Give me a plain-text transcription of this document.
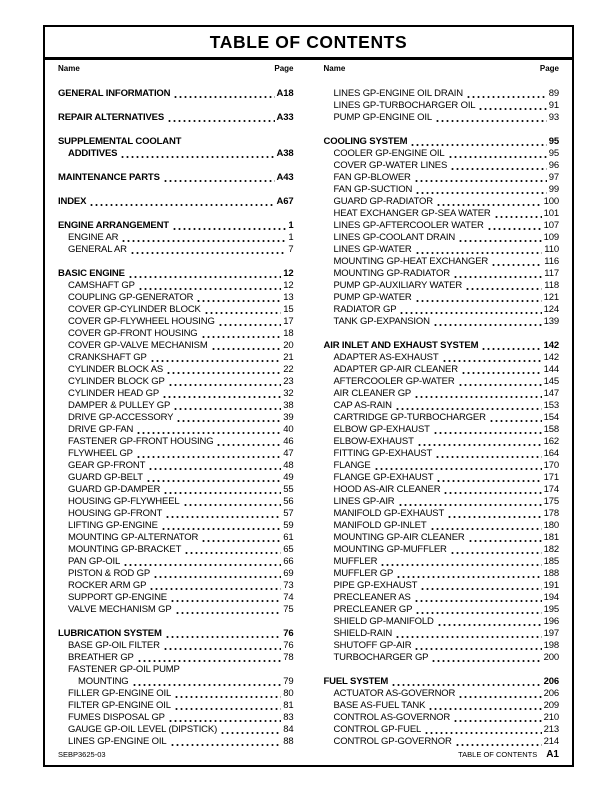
TABLE OF CONTENTS
Name	Page
GENERAL INFORMATION	A18
REPAIR ALTERNATIVES	A33
SUPPLEMENTAL COOLANT
ADDITIVES	A38
MAINTENANCE PARTS	A43
INDEX	A67
ENGINE ARRANGEMENT	1
ENGINE AR	1
GENERAL AR	7
BASIC ENGINE	12
CAMSHAFT GP	12
COUPLING GP-GENERATOR	13
COVER GP-CYLINDER BLOCK	15
COVER GP-FLYWHEEL HOUSING	17
COVER GP-FRONT HOUSING	18
COVER GP-VALVE MECHANISM	20
CRANKSHAFT GP	21
CYLINDER BLOCK AS	22
CYLINDER BLOCK GP	23
CYLINDER HEAD GP	32
DAMPER & PULLEY GP	38
DRIVE GP-ACCESSORY	39
DRIVE GP-FAN	40
FASTENER GP-FRONT HOUSING	46
FLYWHEEL GP	47
GEAR GP-FRONT	48
GUARD GP-BELT	49
GUARD GP-DAMPER	55
HOUSING GP-FLYWHEEL	56
HOUSING GP-FRONT	57
LIFTING GP-ENGINE	59
MOUNTING GP-ALTERNATOR	61
MOUNTING GP-BRACKET	65
PAN GP-OIL	66
PISTON & ROD GP	69
ROCKER ARM GP	73
SUPPORT GP-ENGINE	74
VALVE MECHANISM GP	75
LUBRICATION SYSTEM	76
BASE GP-OIL FILTER	76
BREATHER GP	78
FASTENER GP-OIL PUMP
MOUNTING	79
FILLER GP-ENGINE OIL	80
FILTER GP-ENGINE OIL	81
FUMES DISPOSAL GP	83
GAUGE GP-OIL LEVEL (DIPSTICK)	84
LINES GP-ENGINE OIL	88
Name	Page
LINES GP-ENGINE OIL DRAIN	89
LINES GP-TURBOCHARGER OIL	91
PUMP GP-ENGINE OIL	93
COOLING SYSTEM	95
COOLER GP-ENGINE OIL	95
COVER GP-WATER LINES	96
FAN GP-BLOWER	97
FAN GP-SUCTION	99
GUARD GP-RADIATOR	100
HEAT EXCHANGER GP-SEA WATER	101
LINES GP-AFTERCOOLER WATER	107
LINES GP-COOLANT DRAIN	109
LINES GP-WATER	110
MOUNTING GP-HEAT EXCHANGER	116
MOUNTING GP-RADIATOR	117
PUMP GP-AUXILIARY WATER	118
PUMP GP-WATER	121
RADIATOR GP	124
TANK GP-EXPANSION	139
AIR INLET AND EXHAUST SYSTEM	142
ADAPTER AS-EXHAUST	142
ADAPTER GP-AIR CLEANER	144
AFTERCOOLER GP-WATER	145
AIR CLEANER GP	147
CAP AS-RAIN	153
CARTRIDGE GP-TURBOCHARGER	154
ELBOW GP-EXHAUST	158
ELBOW-EXHAUST	162
FITTING GP-EXHAUST	164
FLANGE	170
FLANGE GP-EXHAUST	171
HOOD AS-AIR CLEANER	174
LINES GP-AIR	175
MANIFOLD GP-EXHAUST	178
MANIFOLD GP-INLET	180
MOUNTING GP-AIR CLEANER	181
MOUNTING GP-MUFFLER	182
MUFFLER	185
MUFFLER GP	188
PIPE GP-EXHAUST	191
PRECLEANER AS	194
PRECLEANER GP	195
SHIELD GP-MANIFOLD	196
SHIELD-RAIN	197
SHUTOFF GP-AIR	198
TURBOCHARGER GP	200
FUEL SYSTEM	206
ACTUATOR AS-GOVERNOR	206
BASE AS-FUEL TANK	209
CONTROL AS-GOVERNOR	210
CONTROL GP-FUEL	213
CONTROL GP-GOVERNOR	214
SEBP3625-03	TABLE OF CONTENTS A1
